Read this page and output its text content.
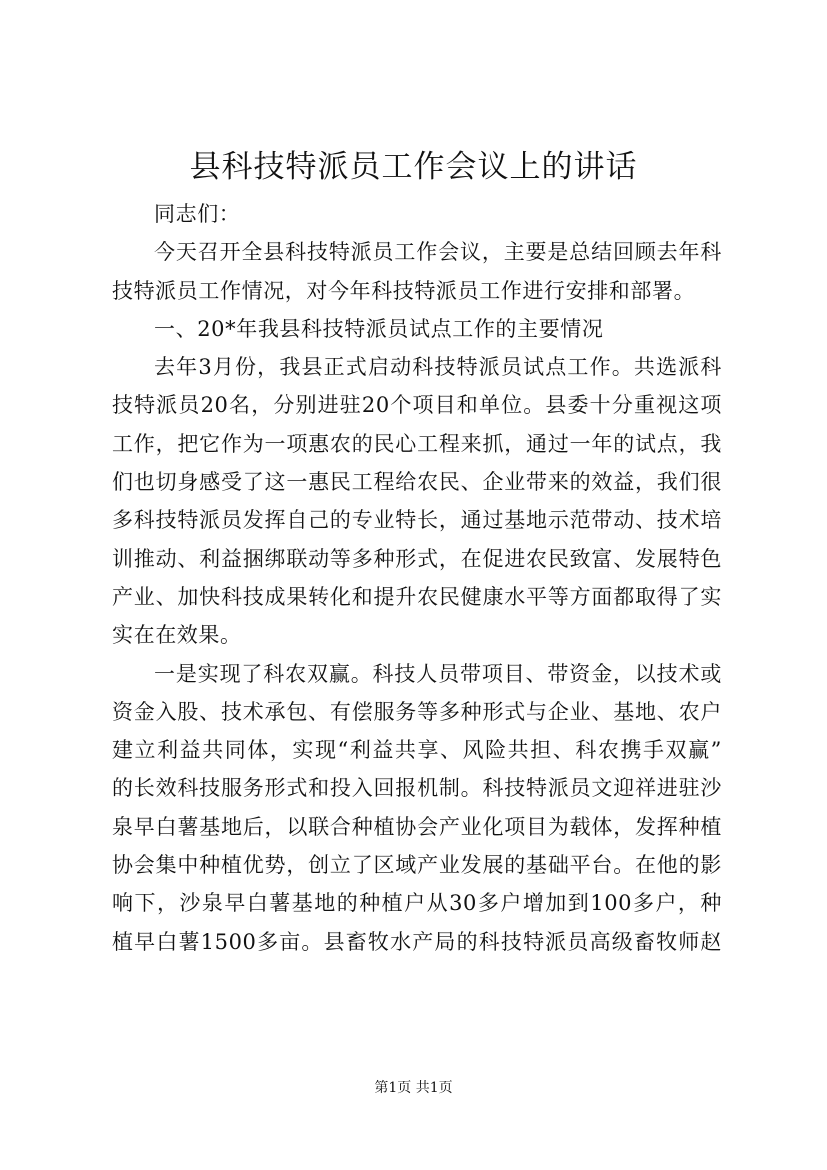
县科技特派员工作会议上的讲话
同志们：
今天召开全县科技特派员工作会议，主要是总结回顾去年科
技特派员工作情况，对今年科技特派员工作进行安排和部署。
一、20*年我县科技特派员试点工作的主要情况
去年3月份，我县正式启动科技特派员试点工作。共选派科
技特派员20名，分别进驻20个项目和单位。县委十分重视这项
工作，把它作为一项惠农的民心工程来抓，通过一年的试点，我
们也切身感受了这一惠民工程给农民、企业带来的效益，我们很
多科技特派员发挥自己的专业特长，通过基地示范带动、技术培
训推动、利益捆绑联动等多种形式，在促进农民致富、发展特色
产业、加快科技成果转化和提升农民健康水平等方面都取得了实
实在在效果。
一是实现了科农双赢。科技人员带项目、带资金，以技术或
资金入股、技术承包、有偿服务等多种形式与企业、基地、农户
建立利益共同体，实现“利益共享、风险共担、科农携手双赢”
的长效科技服务形式和投入回报机制。科技特派员文迎祥进驻沙
泉早白薯基地后，以联合种植协会产业化项目为载体，发挥种植
协会集中种植优势，创立了区域产业发展的基础平台。在他的影
响下，沙泉早白薯基地的种植户从30多户增加到100多户，种
植早白薯1500多亩。县畜牧水产局的科技特派员高级畜牧师赵
第1页 共1页
